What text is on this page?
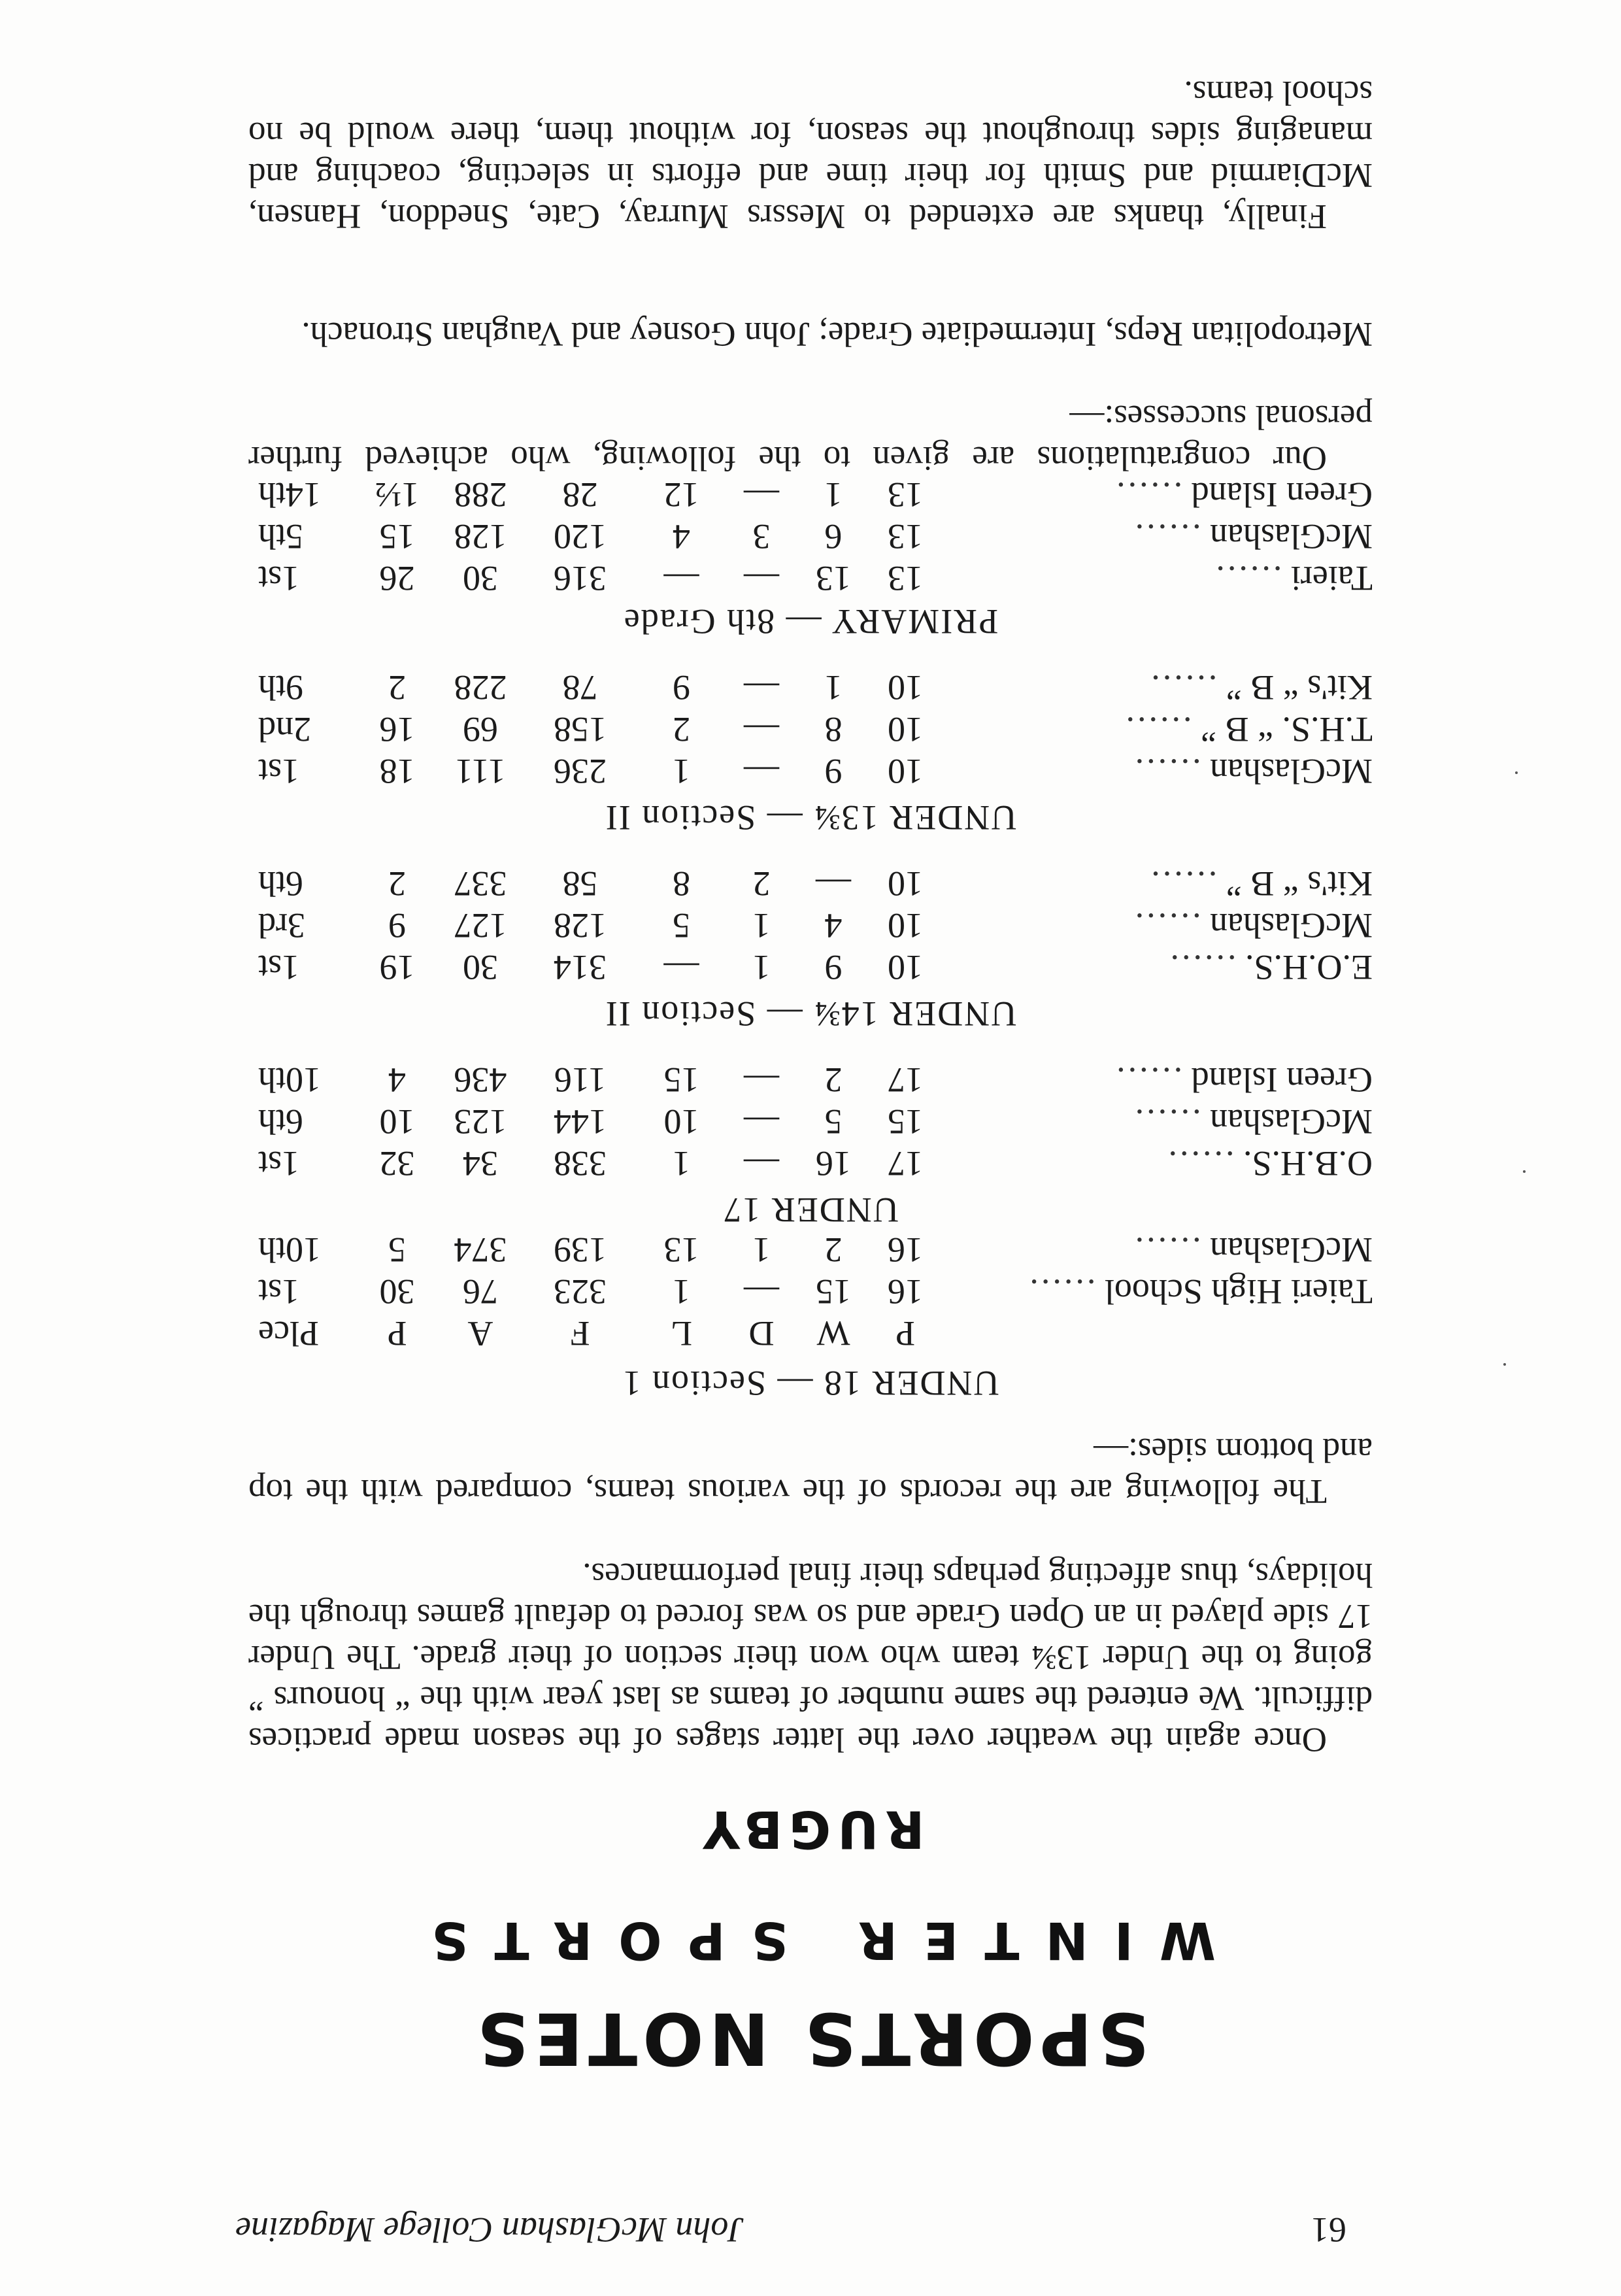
61
John McGlashan College Magazine
SPORTS NOTES
WINTER SPORTS
RUGBY

Once again the weather over the latter stages of the season made practices difficult. We entered the same number of teams as last year with the “ honours ” going to the Under 13¾ team who won their section of their grade. The Under 17 side played in an Open Grade and so was forced to default games through the holidays, thus affecting perhaps their final performances.

The following are the records of the various teams, compared with the top and bottom sides:—

UNDER 18 — Section 1
	P	W	D	L	F	A	P	Plce
Taieri High School ......	16	15	—	1	323	76	30	1st
McGlashan ......	16	2	1	13	139	374	5	10th
UNDER 17
O.B.H.S. ......	17	16	—	1	338	34	32	1st
McGlashan ......	15	5	—	10	144	123	10	6th
Green Island ......	17	2	—	15	116	436	4	10th
UNDER 14¾ — Section II
E.O.H.S. ......	10	9	1	—	314	30	19	1st
McGlashan ......	10	4	1	5	128	127	9	3rd
Kit's “ B ” ......	10	—	2	8	58	337	2	6th
UNDER 13¾ — Section II
McGlashan ......	10	9	—	1	236	111	18	1st
T.H.S. “ B ” ......	10	8	—	2	158	69	16	2nd
Kit's “ B ” ......	10	1	—	9	78	228	2	9th
PRIMARY — 8th Grade
Taieri ......	13	13	—	—	316	30	26	1st
McGlashan ......	13	6	3	4	120	128	15	5th
Green Island ......	13	1	—	12	28	288	1½	14th

Our congratulations are given to the following, who achieved further personal successes:—

Metropolitan Reps, Intermediate Grade; John Gosney and Vaughan Stronach.

Finally, thanks are extended to Messrs Murray, Cate, Sneddon, Hansen, McDiarmid and Smith for their time and efforts in selecting, coaching and managing sides throughout the season, for without them, there would be no school teams.
